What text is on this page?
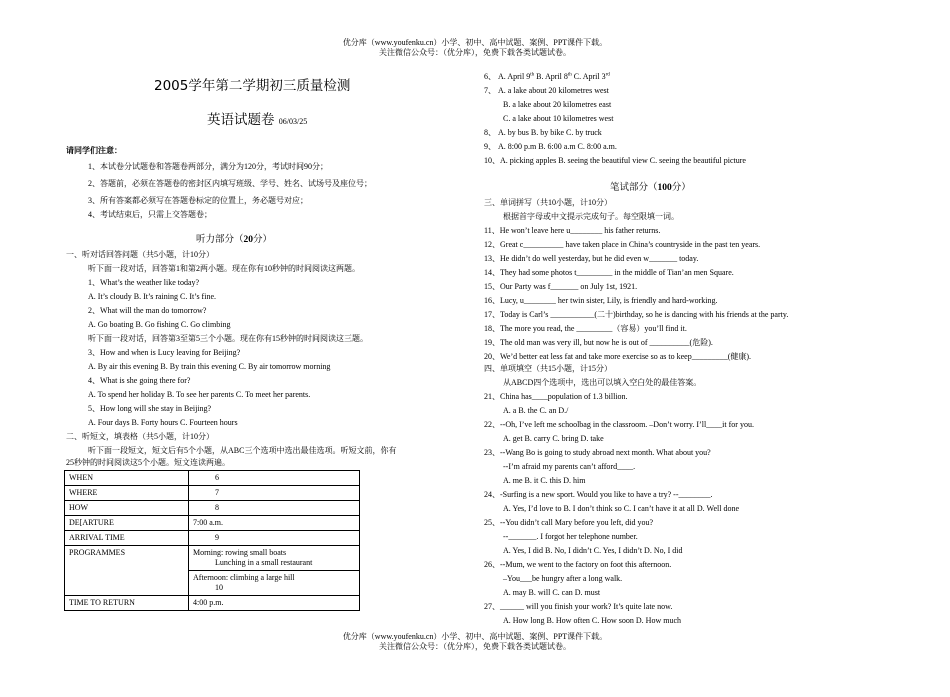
优分库（www.youfenku.cn）小学、初中、高中试题、案例、PPT课件下载。
关注微信公众号：（优分库），免费下载各类试题试卷。
2005学年第二学期初三质量检测
英语试题卷 06/03/25
请同学们注意：
1、本试卷分试题卷和答题卷两部分，满分为120分，考试时间90分；
2、答题前，必须在答题卷的密封区内填写班级、学号、姓名、试场号及座位号；
3、所有答案都必须写在答题卷标定的位置上，务必题号对应；
4、考试结束后，只需上交答题卷；
听力部分（20分）
一、听对话回答问题（共5小题，计10分）
听下面一段对话，回答第1和第2两小题。现在你有10秒钟的时间阅读这两题。
1、What’s the weather like today?
A. It’s cloudy B. It’s raining C. It’s fine.
2、What will the man do tomorrow?
A. Go boating B. Go fishing C. Go climbing
听下面一段对话，回答第3至第5三个小题。现在你有15秒钟的时间阅读这三题。
3、How and when is Lucy leaving for Beijing?
A. By air this evening B. By train this evening C. By air tomorrow morning
4、What is she going there for?
A. To spend her holiday B. To see her parents C. To meet her parents.
5、How long will she stay in Beijing?
A. Four days B. Forty hours C. Fourteen hours
二、听短文，填表格（共5小题，计10分）
听下面一段短文，短文后有5个小题，从ABC三个选项中选出最佳选项。听短文前，你有
25秒钟的时间阅读这5个小题。短文连读两遍。
WHEN	6
WHERE	7
HOW	8
DE[ARTURE	7:00 a.m.
ARRIVAL TIME	9
PROGRAMMES	Morning: rowing small boats
Lunching in a small restaurant

	Afternoon: climbing a large hill
10

TIME TO RETURN	4:00 p.m.
6、 A. April 9th B. April 8th C. April 3rd
7、 A. a lake about 20 kilometres west
B. a lake about 20 kilometres east
C. a lake about 10 kilometres west
8、 A. by bus B. by bike C. by truck
9、 A. 8:00 p.m B. 6:00 a.m C. 8:00 a.m.
10、A. picking apples B. seeing the beautiful view C. seeing the beautiful picture
笔试部分（100分）
三、单词拼写（共10小题，计10分）
根据首字母或中文提示完成句子。每空限填一词。
11、He won’t leave here u________ his father returns.
12、Great c__________ have taken place in China’s countryside in the past ten years.
13、He didn’t do well yesterday, but he did even w_______ today.
14、They had some photos t_________ in the middle of Tian’an men Square.
15、Our Party was f_______ on July 1st, 1921.
16、Lucy, u________ her twin sister, Lily, is friendly and hard-working.
17、Today is Carl’s ___________(二十)birthday, so he is dancing with his friends at the party.
18、The more you read, the _________（容易）you’ll find it.
19、The old man was very ill, but now he is out of __________(危险).
20、We’d better eat less fat and take more exercise so as to keep_________(健康).
四、单项填空（共15小题，计15分）
从ABCD四个选项中，选出可以填入空白处的最佳答案。
21、China has____population of 1.3 billion.
A. a B. the C. an D./
22、--Oh, I’ve left me schoolbag in the classroom. –Don’t worry. I’ll____it for you.
A. get B. carry C. bring D. take
23、--Wang Bo is going to study abroad next month. What about you?
--I’m afraid my parents can’t afford____.
A. me B. it C. this D. him
24、-Surfing is a new sport. Would you like to have a try? --________.
A. Yes, I’d love to B. I don’t think so C. I can’t have it at all D. Well done
25、--You didn’t call Mary before you left, did you?
--_______. I forgot her telephone number.
A. Yes, I did B. No, I didn’t C. Yes, I didn’t D. No, I did
26、--Mum, we went to the factory on foot this afternoon.
–You___be hungry after a long walk.
A. may B. will C. can D. must
27、______ will you finish your work? It’s quite late now.
A. How long B. How often C. How soon D. How much
优分库（www.youfenku.cn）小学、初中、高中试题、案例、PPT课件下载。
关注微信公众号：（优分库），免费下载各类试题试卷。
